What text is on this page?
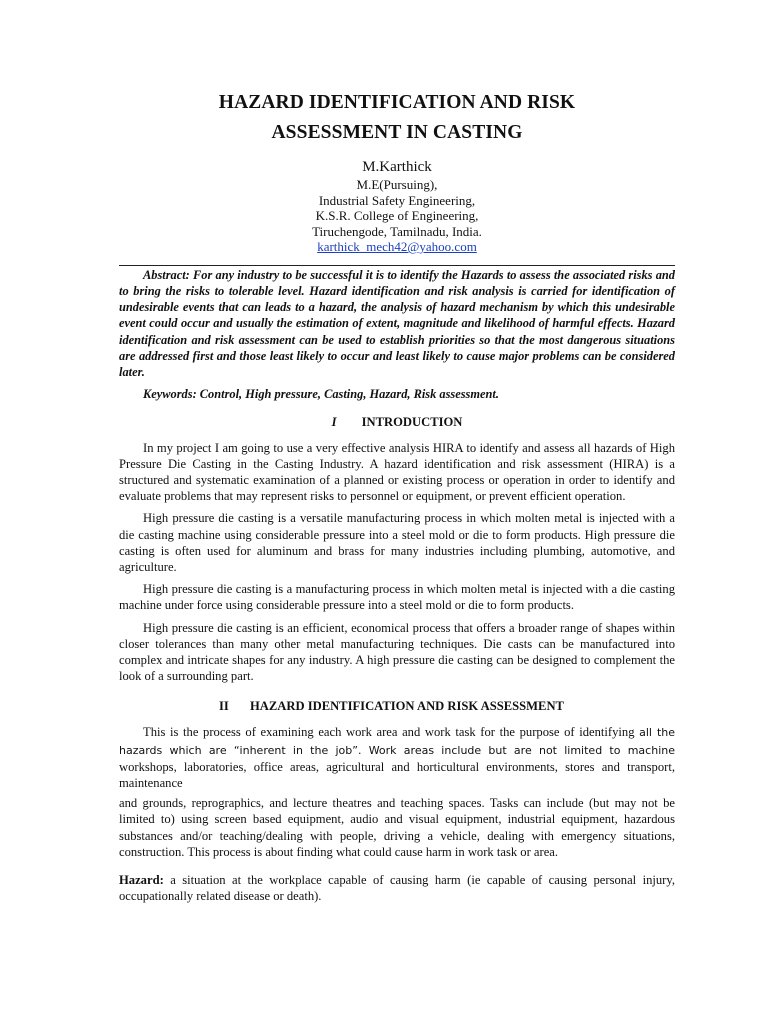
HAZARD IDENTIFICATION AND RISK
ASSESSMENT IN CASTING
M.Karthick
M.E(Pursuing),
Industrial Safety Engineering,
K.S.R. College of Engineering,
Tiruchengode, Tamilnadu, India.
karthick_mech42@yahoo.com

Abstract: For any industry to be successful it is to identify the Hazards to assess the associated risks and to bring the risks to tolerable level. Hazard identification and risk analysis is carried for identification of undesirable events that can leads to a hazard, the analysis of hazard mechanism by which this undesirable event could occur and usually the estimation of extent, magnitude and likelihood of harmful effects. Hazard identification and risk assessment can be used to establish priorities so that the most dangerous situations are addressed first and those least likely to occur and least likely to cause major problems can be considered later.

Keywords: Control, High pressure, Casting, Hazard, Risk assessment.

I INTRODUCTION

In my project I am going to use a very effective analysis HIRA to identify and assess all hazards of High Pressure Die Casting in the Casting Industry. A hazard identification and risk assessment (HIRA) is a structured and systematic examination of a planned or existing process or operation in order to identify and evaluate problems that may represent risks to personnel or equipment, or prevent efficient operation.

High pressure die casting is a versatile manufacturing process in which molten metal is injected with a die casting machine using considerable pressure into a steel mold or die to form products. High pressure die casting is often used for aluminum and brass for many industries including plumbing, automotive, and agriculture.

High pressure die casting is a manufacturing process in which molten metal is injected with a die casting machine under force using considerable pressure into a steel mold or die to form products.

High pressure die casting is an efficient, economical process that offers a broader range of shapes within closer tolerances than many other metal manufacturing techniques. Die casts can be manufactured into complex and intricate shapes for any industry. A high pressure die casting can be designed to complement the look of a surrounding part.

II HAZARD IDENTIFICATION AND RISK ASSESSMENT

This is the process of examining each work area and work task for the purpose of identifying all the hazards which are “inherent in the job”. Work areas include but are not limited to machine workshops, laboratories, office areas, agricultural and horticultural environments, stores and transport, maintenance

and grounds, reprographics, and lecture theatres and teaching spaces. Tasks can include (but may not be limited to) using screen based equipment, audio and visual equipment, industrial equipment, hazardous substances and/or teaching/dealing with people, driving a vehicle, dealing with emergency situations, construction. This process is about finding what could cause harm in work task or area.

Hazard: a situation at the workplace capable of causing harm (ie capable of causing personal injury, occupationally related disease or death).
